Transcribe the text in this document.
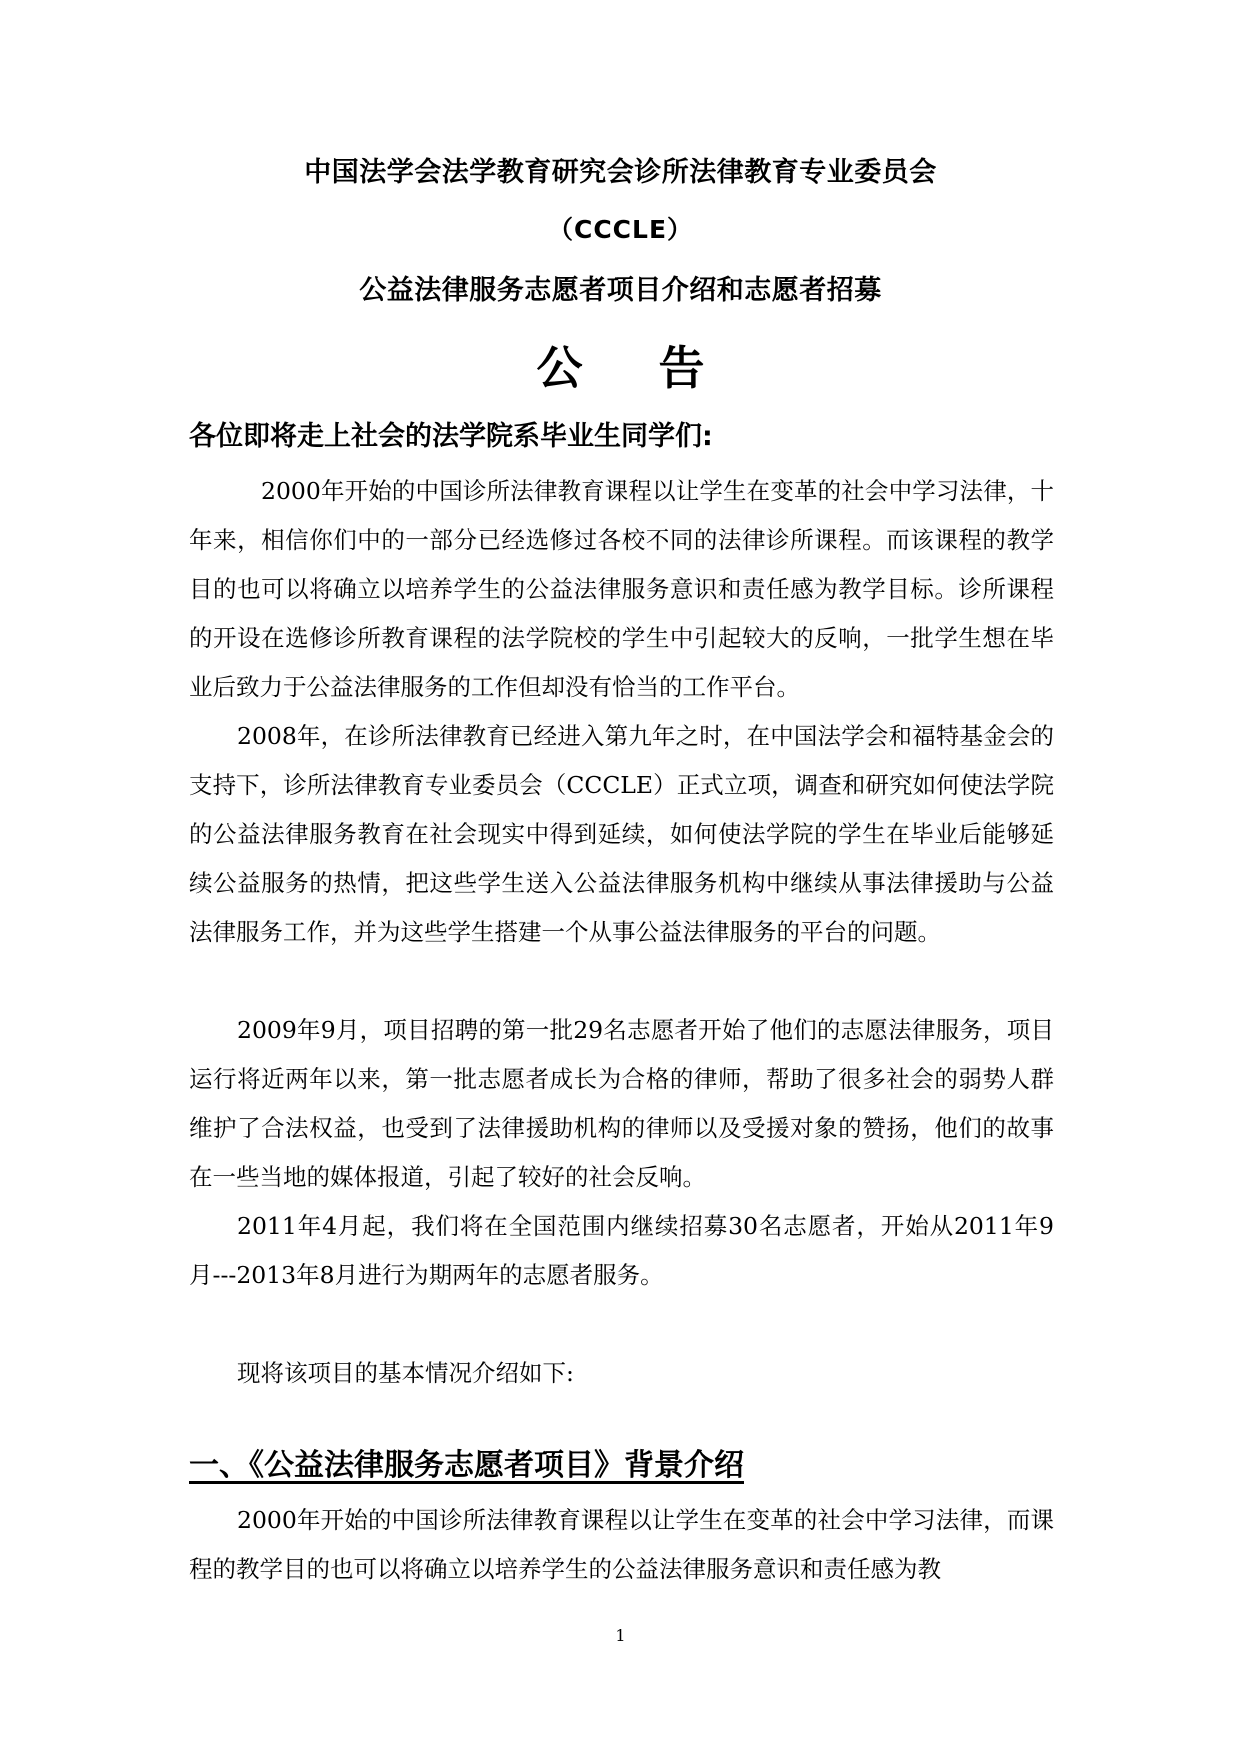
中国法学会法学教育研究会诊所法律教育专业委员会
（CCCLE）
公益法律服务志愿者项目介绍和志愿者招募
公 告
各位即将走上社会的法学院系毕业生同学们:

2000年开始的中国诊所法律教育课程以让学生在变革的社会中学习法律，十年来，相信你们中的一部分已经选修过各校不同的法律诊所课程。而该课程的教学目的也可以将确立以培养学生的公益法律服务意识和责任感为教学目标。诊所课程的开设在选修诊所教育课程的法学院校的学生中引起较大的反响，一批学生想在毕业后致力于公益法律服务的工作但却没有恰当的工作平台。

2008年，在诊所法律教育已经进入第九年之时，在中国法学会和福特基金会的支持下，诊所法律教育专业委员会（CCCLE）正式立项，调查和研究如何使法学院的公益法律服务教育在社会现实中得到延续，如何使法学院的学生在毕业后能够延续公益服务的热情，把这些学生送入公益法律服务机构中继续从事法律援助与公益法律服务工作，并为这些学生搭建一个从事公益法律服务的平台的问题。

2009年9月，项目招聘的第一批29名志愿者开始了他们的志愿法律服务，项目运行将近两年以来，第一批志愿者成长为合格的律师，帮助了很多社会的弱势人群维护了合法权益，也受到了法律援助机构的律师以及受援对象的赞扬，他们的故事在一些当地的媒体报道，引起了较好的社会反响。

2011年4月起，我们将在全国范围内继续招募30名志愿者，开始从2011年9月---2013年8月进行为期两年的志愿者服务。

现将该项目的基本情况介绍如下:

一、《公益法律服务志愿者项目》背景介绍

2000年开始的中国诊所法律教育课程以让学生在变革的社会中学习法律，而课程的教学目的也可以将确立以培养学生的公益法律服务意识和责任感为教

1
